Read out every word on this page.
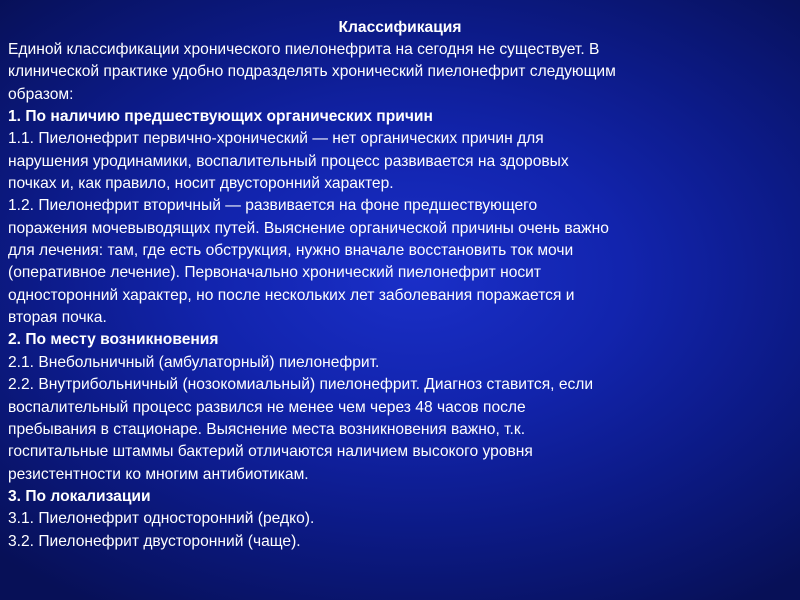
Классификация
Единой классификации хронического пиелонефрита на сегодня не существует. В
клинической практике удобно подразделять хронический пиелонефрит следующим
образом:
1. По наличию предшествующих органических причин
1.1. Пиелонефрит первично-хронический — нет органических причин для
нарушения уродинамики, воспалительный процесс развивается на здоровых
почках и, как правило, носит двусторонний характер.
1.2. Пиелонефрит вторичный — развивается на фоне предшествующего
поражения мочевыводящих путей. Выяснение органической причины очень важно
для лечения: там, где есть обструкция, нужно вначале восстановить ток мочи
(оперативное лечение). Первоначально хронический пиелонефрит носит
односторонний характер, но после нескольких лет заболевания поражается и
вторая почка.
2. По месту возникновения
2.1. Внебольничный (амбулаторный) пиелонефрит.
2.2. Внутрибольничный (нозокомиальный) пиелонефрит. Диагноз ставится, если
воспалительный процесс развился не менее чем через 48 часов после
пребывания в стационаре. Выяснение места возникновения важно, т.к.
госпитальные штаммы бактерий отличаются наличием высокого уровня
резистентности ко многим антибиотикам.
3. По локализации
3.1. Пиелонефрит односторонний (редко).
3.2. Пиелонефрит двусторонний (чаще).
